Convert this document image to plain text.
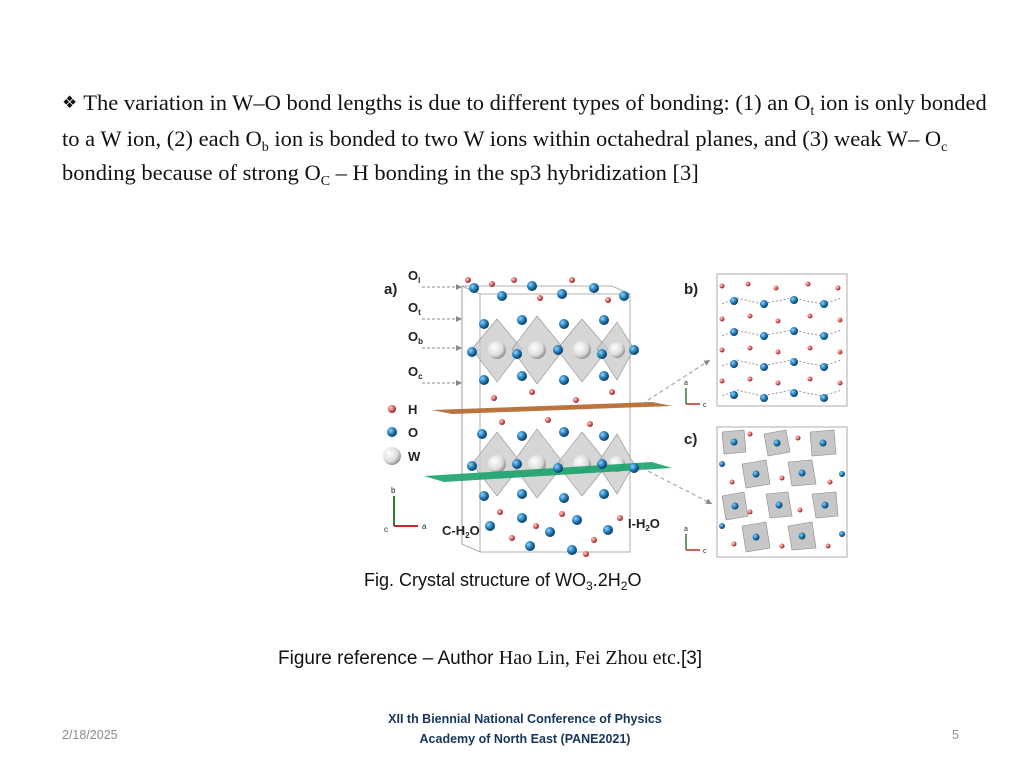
❖ The variation in W–O bond lengths is due to different types of bonding: (1) an $O_t$ ion is only bonded to a W ion, (2) each $O_b$ ion is bonded to two W ions within octahedral planes, and (3) weak W– $O_c$ bonding because of strong $O_C$ – H bonding in the sp3 hybridization [3]
a)
$O_l$
$O_t$
$O_b$
$O_c$
H
O
W
b
a
c	$C-H_2O$	$I-H_2O$
b)
a
c
c)
a
c
Fig. Crystal structure of $WO_3.2H_2O$
Figure reference – Author Hao Lin, Fei Zhou etc.[3]
2/18/2025
XII th Biennial National Conference of Physics
Academy of North East (PANE2021)	5
